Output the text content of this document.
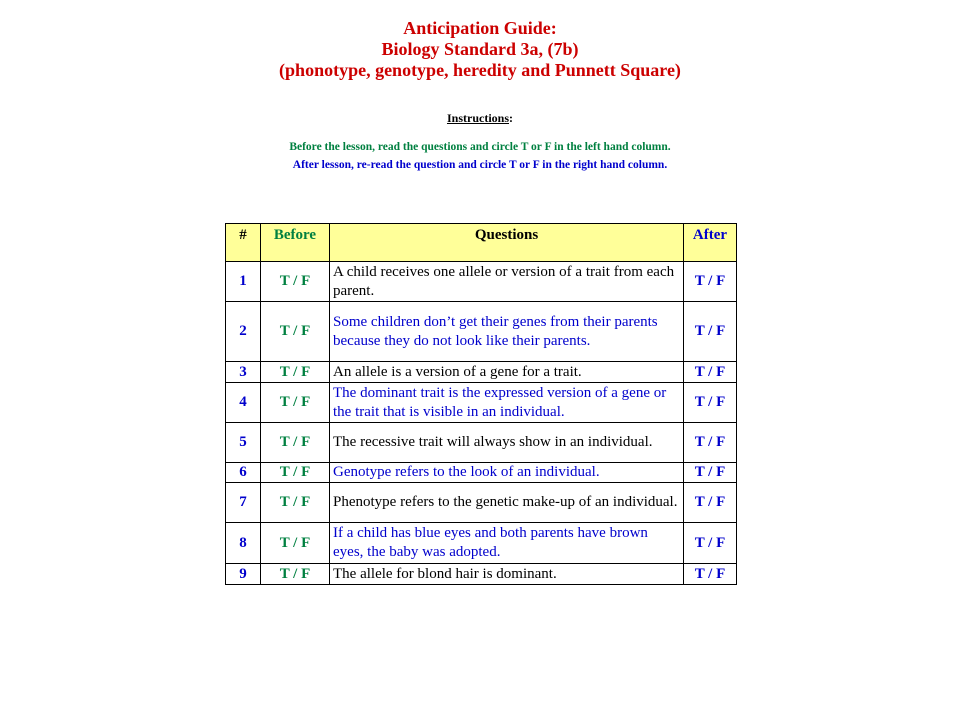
Anticipation Guide:
Biology Standard 3a, (7b)
(phonotype, genotype, heredity and Punnett Square)
Instructions:
Before the lesson, read the questions and circle T or F in the left hand column.
After lesson, re-read the question and circle T or F in the right hand column.
#	Before	Questions	After
1	T / F	A child receives one allele or version of a trait from each parent.	T / F
2	T / F	Some children don’t get their genes from their parents because they do not look like their parents.	T / F
3	T / F	An allele is a version of a gene for a trait.	T / F
4	T / F	The dominant trait is the expressed version of a gene or the trait that is visible in an individual.	T / F
5	T / F	The recessive trait will always show in an individual.	T / F
6	T / F	Genotype refers to the look of an individual.	T / F
7	T / F	Phenotype refers to the genetic make-up of an individual.	T / F
8	T / F	If a child has blue eyes and both parents have brown eyes, the baby was adopted.	T / F
9	T / F	The allele for blond hair is dominant.	T / F
